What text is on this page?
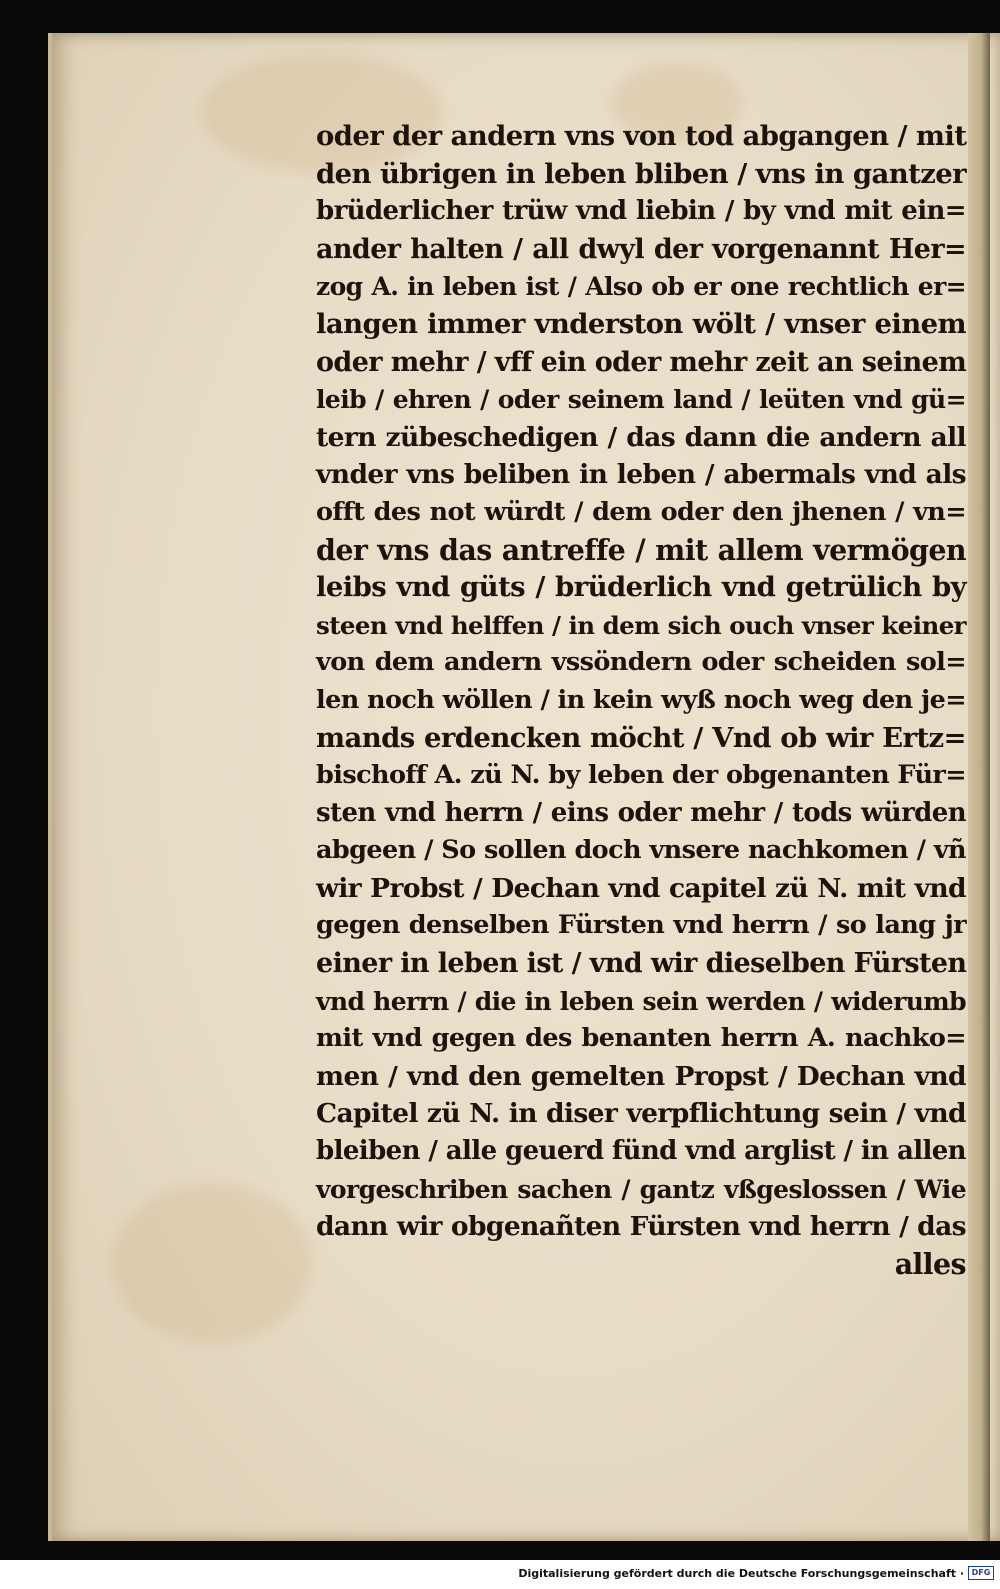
oder der andern vns von tod abgangen / mit
den übrigen in leben bliben / vns in gantzer
brüderlicher trüw vnd liebin / by vnd mit ein=
ander halten / all dwyl der vorgenannt Her=
zog A. in leben ist / Also ob er one rechtlich er=
langen immer vnderston wölt / vnser einem
oder mehr / vff ein oder mehr zeit an seinem
leib / ehren / oder seinem land / leüten vnd gü=
tern zübeschedigen / das dann die andern all
vnder vns beliben in leben / abermals vnd als
offt des not würdt / dem oder den jhenen / vn=
der vns das antreffe / mit allem vermögen
leibs vnd güts / brüderlich vnd getrülich by
steen vnd helffen / in dem sich ouch vnser keiner
von dem andern vssöndern oder scheiden sol=
len noch wöllen / in kein wyß noch weg den je=
mands erdencken möcht / Vnd ob wir Ertz=
bischoff A. zü N. by leben der obgenanten Für=
sten vnd herrn / eins oder mehr / tods würden
abgeen / So sollen doch vnsere nachkomen / vñ
wir Probst / Dechan vnd capitel zü N. mit vnd
gegen denselben Fürsten vnd herrn / so lang jr
einer in leben ist / vnd wir dieselben Fürsten
vnd herrn / die in leben sein werden / widerumb
mit vnd gegen des benanten herrn A. nachko=
men / vnd den gemelten Propst / Dechan vnd
Capitel zü N. in diser verpflichtung sein / vnd
bleiben / alle geuerd fünd vnd arglist / in allen
vorgeschriben sachen / gantz vßgeslossen / Wie
dann wir obgenañten Fürsten vnd herrn / das
alles
Digitalisierung gefördert durch die Deutsche Forschungsgemeinschaft · DFG
